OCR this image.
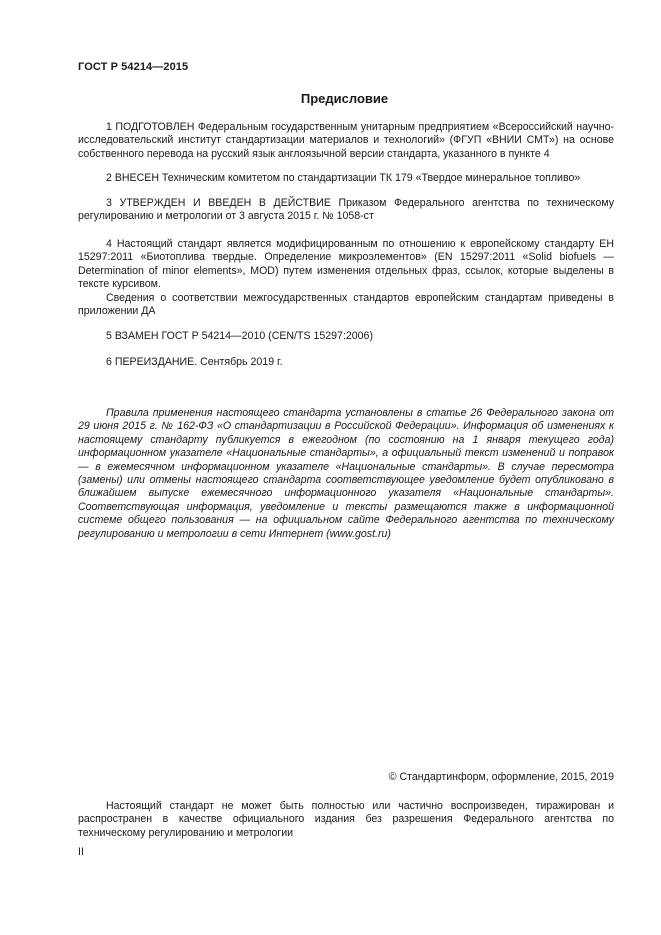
ГОСТ Р 54214—2015
Предисловие

1 ПОДГОТОВЛЕН Федеральным государственным унитарным предприятием «Всероссийский научно-исследовательский институт стандартизации материалов и технологий» (ФГУП «ВНИИ СМТ») на основе собственного перевода на русский язык англоязычной версии стандарта, указанного в пункте 4

2 ВНЕСЕН Техническим комитетом по стандартизации ТК 179 «Твердое минеральное топливо»

3 УТВЕРЖДЕН И ВВЕДЕН В ДЕЙСТВИЕ Приказом Федерального агентства по техническому регулированию и метрологии от 3 августа 2015 г. № 1058-ст

4 Настоящий стандарт является модифицированным по отношению к европейскому стандарту ЕН 15297:2011 «Биотоплива твердые. Определение микроэлементов» (EN 15297:2011 «Solid biofuels — Determination of minor elements», MOD) путем изменения отдельных фраз, ссылок, которые выделены в тексте курсивом.

Сведения о соответствии межгосударственных стандартов европейским стандартам приведены в приложении ДА

5 ВЗАМЕН ГОСТ Р 54214—2010 (CEN/TS 15297:2006)

6 ПЕРЕИЗДАНИЕ. Сентябрь 2019 г.

Правила применения настоящего стандарта установлены в статье 26 Федерального закона от 29 июня 2015 г. № 162-ФЗ «О стандартизации в Российской Федерации». Информация об изменениях к настоящему стандарту публикуется в ежегодном (по состоянию на 1 января текущего года) информационном указателе «Национальные стандарты», а официальный текст изменений и поправок — в ежемесячном информационном указателе «Национальные стандарты». В случае пересмотра (замены) или отмены настоящего стандарта соответствующее уведомление будет опубликовано в ближайшем выпуске ежемесячного информационного указателя «Национальные стандарты». Соответствующая информация, уведомление и тексты размещаются также в информационной системе общего пользования — на официальном сайте Федерального агентства по техническому регулированию и метрологии в сети Интернет (www.gost.ru)

© Стандартинформ, оформление, 2015, 2019

Настоящий стандарт не может быть полностью или частично воспроизведен, тиражирован и распространен в качестве официального издания без разрешения Федерального агентства по техническому регулированию и метрологии

II
